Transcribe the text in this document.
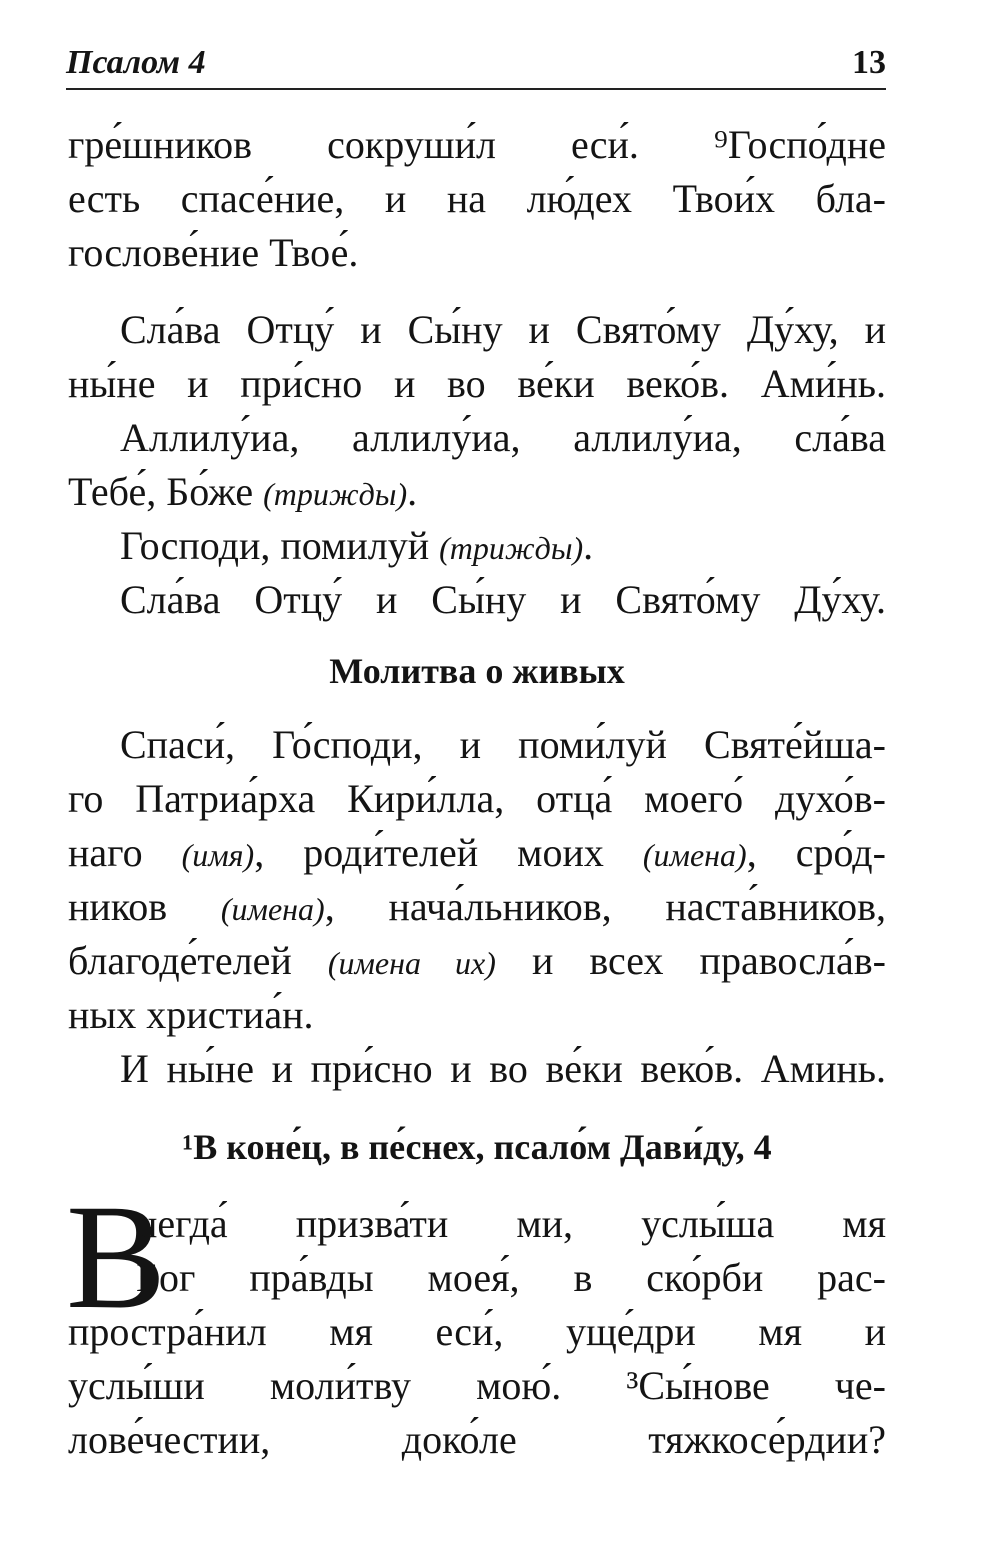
Псалом 4	13
гре́шников сокруши́л еси́. ⁹Госпо́дне
есть спасе́ние, и на лю́дех Твои́х бла-
гослове́ние Твое́.
Сла́ва Отцу́ и Сы́ну и Свято́му Ду́ху, и
ны́не и при́сно и во ве́ки веко́в. Ами́нь.
Аллилу́иа, аллилу́иа, аллилу́иа, сла́ва
Тебе́, Бо́же (трижды).
Господи, помилуй (трижды).
Сла́ва Отцу́ и Сы́ну и Свято́му Ду́ху.
Молитва о живых
Спаси́, Го́споди, и поми́луй Святе́йша-
го Патриа́рха Кири́лла, отца́ моего́ духо́в-
наго (имя), роди́телей моих (имена), сро́д-
ников (имена), нача́льников, наста́вников,
благоде́телей (имена их) и всех правосла́в-
ных христиа́н.
И ны́не и при́сно и во ве́ки веко́в. Аминь.
¹В коне́ц, в пе́снех, псало́м Дави́ду, 4
В
негда́ призва́ти ми, услы́ша мя
Бог пра́вды моея́, в ско́рби рас-
простра́нил мя еси́, уще́дри мя и
услы́ши моли́тву мою́. ³Сы́нове че-
лове́честии, доко́ле тяжкосе́рдии?
